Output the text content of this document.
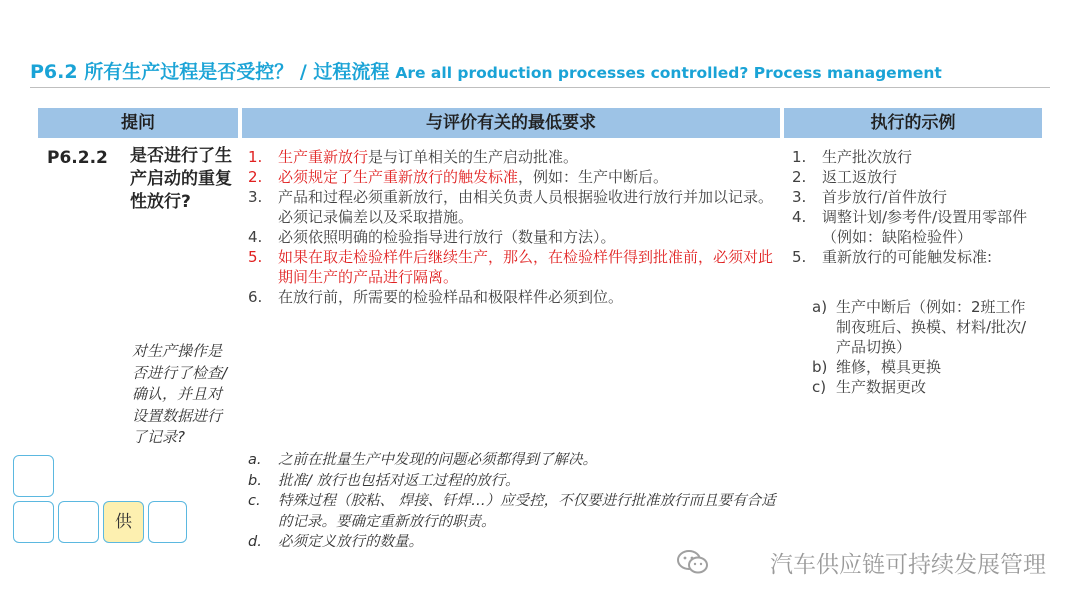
P6.2 所有生产过程是否受控？ / 过程流程 Are all production processes controlled? Process management
提问	与评价有关的最低要求	执行的示例
P6.2.2 是否进行了生产启动的重复性放行?
对生产操作是否进行了检查/ 确认，并且对设置数据进行了记录?
1. 生产重新放行是与订单相关的生产启动批准。
2. 必须规定了生产重新放行的触发标准，例如：生产中断后。
3. 产品和过程必须重新放行，由相关负责人员根据验收进行放行并加以记录。必须记录偏差以及采取措施。
4. 必须依照明确的检验指导进行放行（数量和方法）。
5. 如果在取走检验样件后继续生产，那么，在检验样件得到批准前，必须对此期间生产的产品进行隔离。
6. 在放行前，所需要的检验样品和极限样件必须到位。
a. 之前在批量生产中发现的问题必须都得到了解决。
b. 批准/ 放行也包括对返工过程的放行。
c. 特殊过程（胶粘、 焊接、钎焊…）应受控，不仅要进行批准放行而且要有合适的记录。要确定重新放行的职责。
d. 必须定义放行的数量。
1. 生产批次放行
2. 返工返放行
3. 首步放行/首件放行
4. 调整计划/参考件/设置用零部件（例如：缺陷检验件）
5. 重新放行的可能触发标准:
a) 生产中断后（例如：2班工作制夜班后、换模、材料/批次/产品切换）
b) 维修，模具更换
c) 生产数据更改
供
汽车供应链可持续发展管理
